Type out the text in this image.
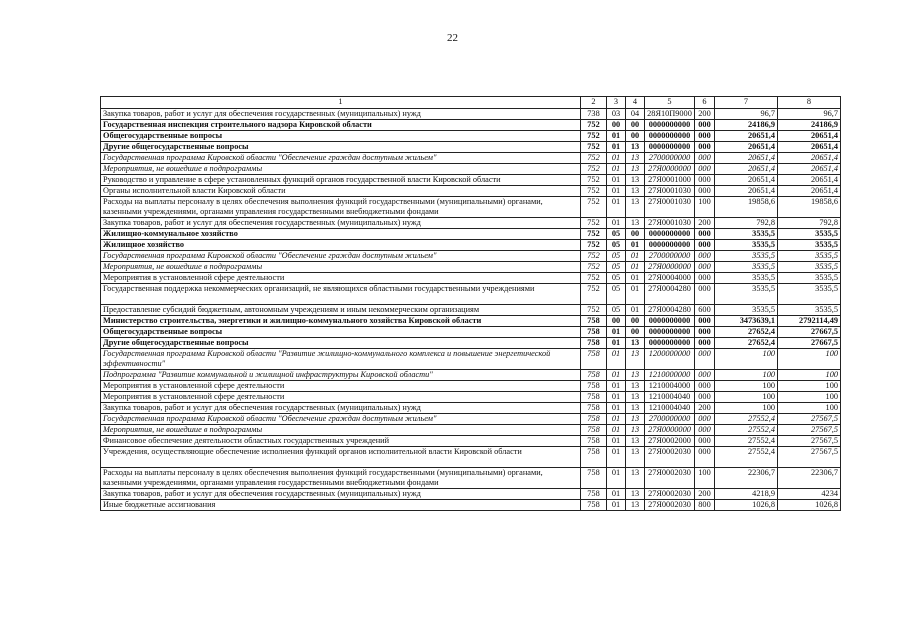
22
1	2	3	4	5	6	7	8
Закупка товаров, работ и услуг для обеспечения государственных (муниципальных) нужд	738	03	04	28Я10П9000	200	96,7	96,7
Государственная инспекция строительного надзора Кировской области	752	00	00	0000000000	000	24186,9	24186,9
Общегосударственные вопросы	752	01	00	0000000000	000	20651,4	20651,4
Другие общегосударственные вопросы	752	01	13	0000000000	000	20651,4	20651,4
Государственная программа Кировской области "Обеспечение граждан доступным жильем"	752	01	13	2700000000	000	20651,4	20651,4
Мероприятия, не вошедшие в подпрограммы	752	01	13	27Я0000000	000	20651,4	20651,4
Руководство и управление в сфере установленных функций органов государственной власти Кировской области	752	01	13	27Я0001000	000	20651,4	20651,4
Органы исполнительной власти Кировской области	752	01	13	27Я0001030	000	20651,4	20651,4
Расходы на выплаты персоналу в целях обеспечения выполнения функций государственными (муниципальными) органами, казенными учреждениями, органами управления государственными внебюджетными фондами	752	01	13	27Я0001030	100	19858,6	19858,6
Закупка товаров, работ и услуг для обеспечения государственных (муниципальных) нужд	752	01	13	27Я0001030	200	792,8	792,8
Жилищно-коммунальное хозяйство	752	05	00	0000000000	000	3535,5	3535,5
Жилищное хозяйство	752	05	01	0000000000	000	3535,5	3535,5
Государственная программа Кировской области "Обеспечение граждан доступным жильем"	752	05	01	2700000000	000	3535,5	3535,5
Мероприятия, не вошедшие в подпрограммы	752	05	01	27Я0000000	000	3535,5	3535,5
Мероприятия в установленной сфере деятельности	752	05	01	27Я0004000	000	3535,5	3535,5
Государственная поддержка некоммерческих организаций, не являющихся областными государственными учреждениями	752	05	01	27Я0004280	000	3535,5	3535,5
Предоставление субсидий бюджетным, автономным учреждениям и иным некоммерческим организациям	752	05	01	27Я0004280	600	3535,5	3535,5
Министерство строительства, энергетики и жилищно-коммунального хозяйства Кировской области	758	00	00	0000000000	000	3473639,1	2792114,49
Общегосударственные вопросы	758	01	00	0000000000	000	27652,4	27667,5
Другие общегосударственные вопросы	758	01	13	0000000000	000	27652,4	27667,5
Государственная программа Кировской области "Развитие жилищно-коммунального комплекса и повышение энергетической эффективности"	758	01	13	1200000000	000	100	100
Подпрограмма "Развитие коммунальной и жилищной инфраструктуры Кировской области"	758	01	13	1210000000	000	100	100
Мероприятия в установленной сфере деятельности	758	01	13	1210004000	000	100	100
Мероприятия в установленной сфере деятельности	758	01	13	1210004040	000	100	100
Закупка товаров, работ и услуг для обеспечения государственных (муниципальных) нужд	758	01	13	1210004040	200	100	100
Государственная программа Кировской области "Обеспечение граждан доступным жильем"	758	01	13	2700000000	000	27552,4	27567,5
Мероприятия, не вошедшие в подпрограммы	758	01	13	27Я0000000	000	27552,4	27567,5
Финансовое обеспечение деятельности областных государственных учреждений	758	01	13	27Я0002000	000	27552,4	27567,5
Учреждения, осуществляющие обеспечение исполнения функций органов исполнительной власти Кировской области	758	01	13	27Я0002030	000	27552,4	27567,5
Расходы на выплаты персоналу в целях обеспечения выполнения функций государственными (муниципальными) органами, казенными учреждениями, органами управления государственными внебюджетными фондами	758	01	13	27Я0002030	100	22306,7	22306,7
Закупка товаров, работ и услуг для обеспечения государственных (муниципальных) нужд	758	01	13	27Я0002030	200	4218,9	4234
Иные бюджетные ассигнования	758	01	13	27Я0002030	800	1026,8	1026,8
